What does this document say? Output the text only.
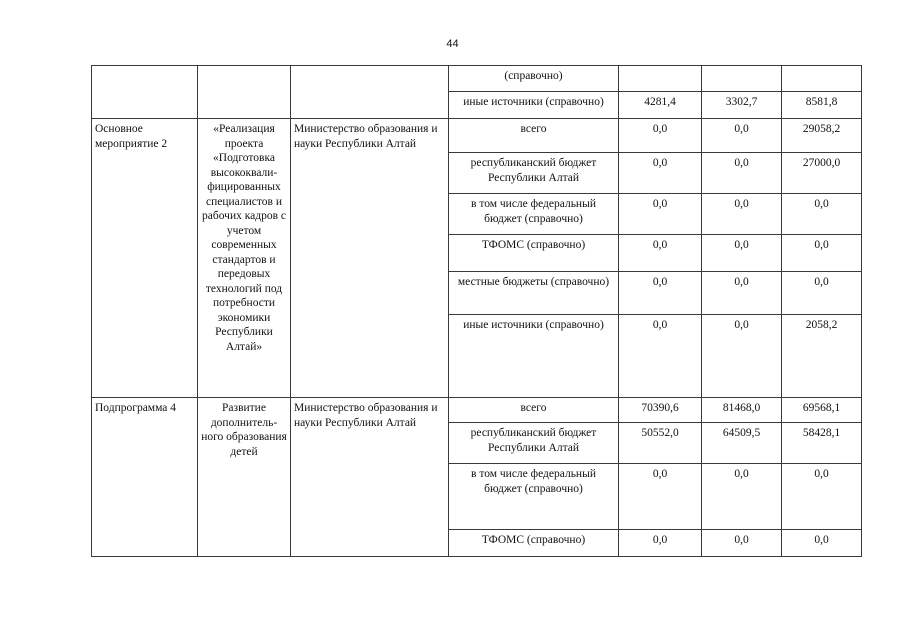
44
			(справочно)			
			иные источники (справочно)	4281,4	3302,7	8581,8
Основное мероприятие 2	«Реализация проекта «Подготовка высококвали-фицированных специалистов и рабочих кадров с учетом современных стандартов и передовых технологий под потребности экономики Республики Алтай»	Министерство образования и науки Республики Алтай	всего	0,0	0,0	29058,2
			республиканский бюджет Республики Алтай	0,0	0,0	27000,0
			в том числе федеральный бюджет (справочно)	0,0	0,0	0,0
			ТФОМС (справочно)	0,0	0,0	0,0
			местные бюджеты (справочно)	0,0	0,0	0,0
			иные источники (справочно)	0,0	0,0	2058,2
Подпрограмма 4	Развитие дополнитель-ного образования детей	Министерство образования и науки Республики Алтай	всего	70390,6	81468,0	69568,1
			республиканский бюджет Республики Алтай	50552,0	64509,5	58428,1
			в том числе федеральный бюджет (справочно)	0,0	0,0	0,0
			ТФОМС (справочно)	0,0	0,0	0,0
